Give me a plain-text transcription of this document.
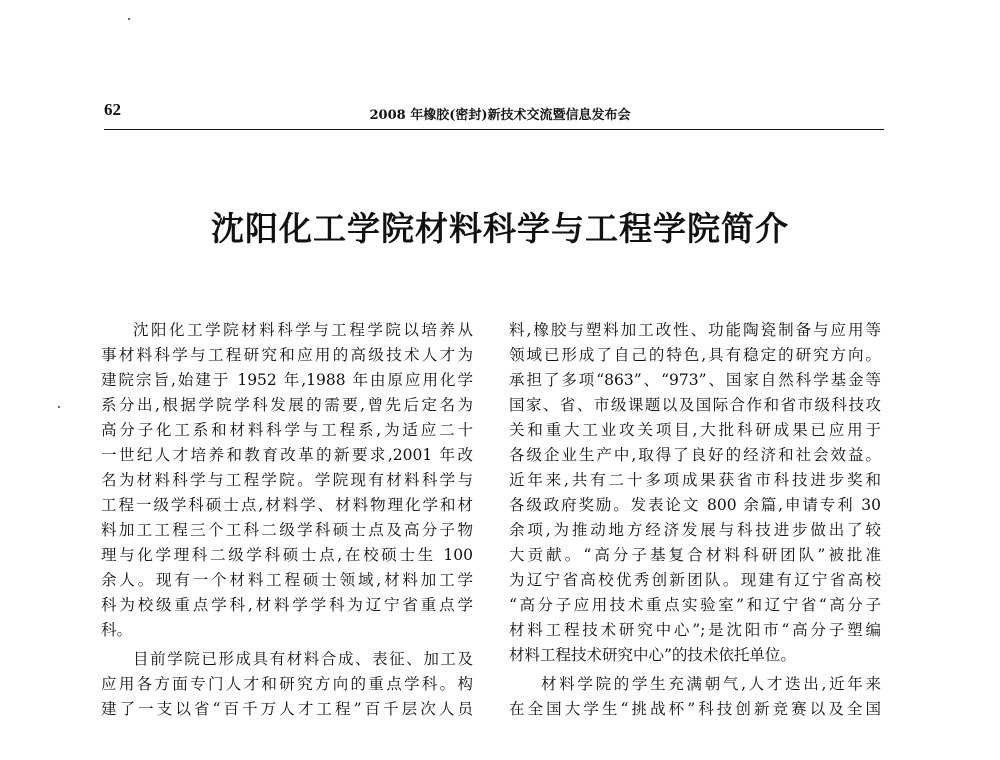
62	2008 年橡胶(密封)新技术交流暨信息发布会
沈阳化工学院材料科学与工程学院简介
沈阳化工学院材料科学与工程学院以培养从
事材料科学与工程研究和应用的高级技术人才为
建院宗旨,始建于 1952 年,1988 年由原应用化学
系分出,根据学院学科发展的需要,曾先后定名为
高分子化工系和材料科学与工程系,为适应二十
一世纪人才培养和教育改革的新要求,2001 年改
名为材料科学与工程学院。学院现有材料科学与
工程一级学科硕士点,材料学、材料物理化学和材
料加工工程三个工科二级学科硕士点及高分子物
理与化学理科二级学科硕士点,在校硕士生 100
余人。现有一个材料工程硕士领域,材料加工学
科为校级重点学科,材料学学科为辽宁省重点学
科。
目前学院已形成具有材料合成、表征、加工及
应用各方面专门人才和研究方向的重点学科。构
建了一支以省“百千万人才工程”百千层次人员
料,橡胶与塑料加工改性、功能陶瓷制备与应用等
领域已形成了自己的特色,具有稳定的研究方向。
承担了多项“863”、“973”、国家自然科学基金等
国家、省、市级课题以及国际合作和省市级科技攻
关和重大工业攻关项目,大批科研成果已应用于
各级企业生产中,取得了良好的经济和社会效益。
近年来,共有二十多项成果获省市科技进步奖和
各级政府奖励。发表论文 800 余篇,申请专利 30
余项,为推动地方经济发展与科技进步做出了较
大贡献。“高分子基复合材料科研团队”被批准
为辽宁省高校优秀创新团队。现建有辽宁省高校
“高分子应用技术重点实验室”和辽宁省“高分子
材料工程技术研究中心”;是沈阳市“高分子塑编
材料工程技术研究中心”的技术依托单位。
材料学院的学生充满朝气,人才迭出,近年来
在全国大学生“挑战杯”科技创新竞赛以及全国
